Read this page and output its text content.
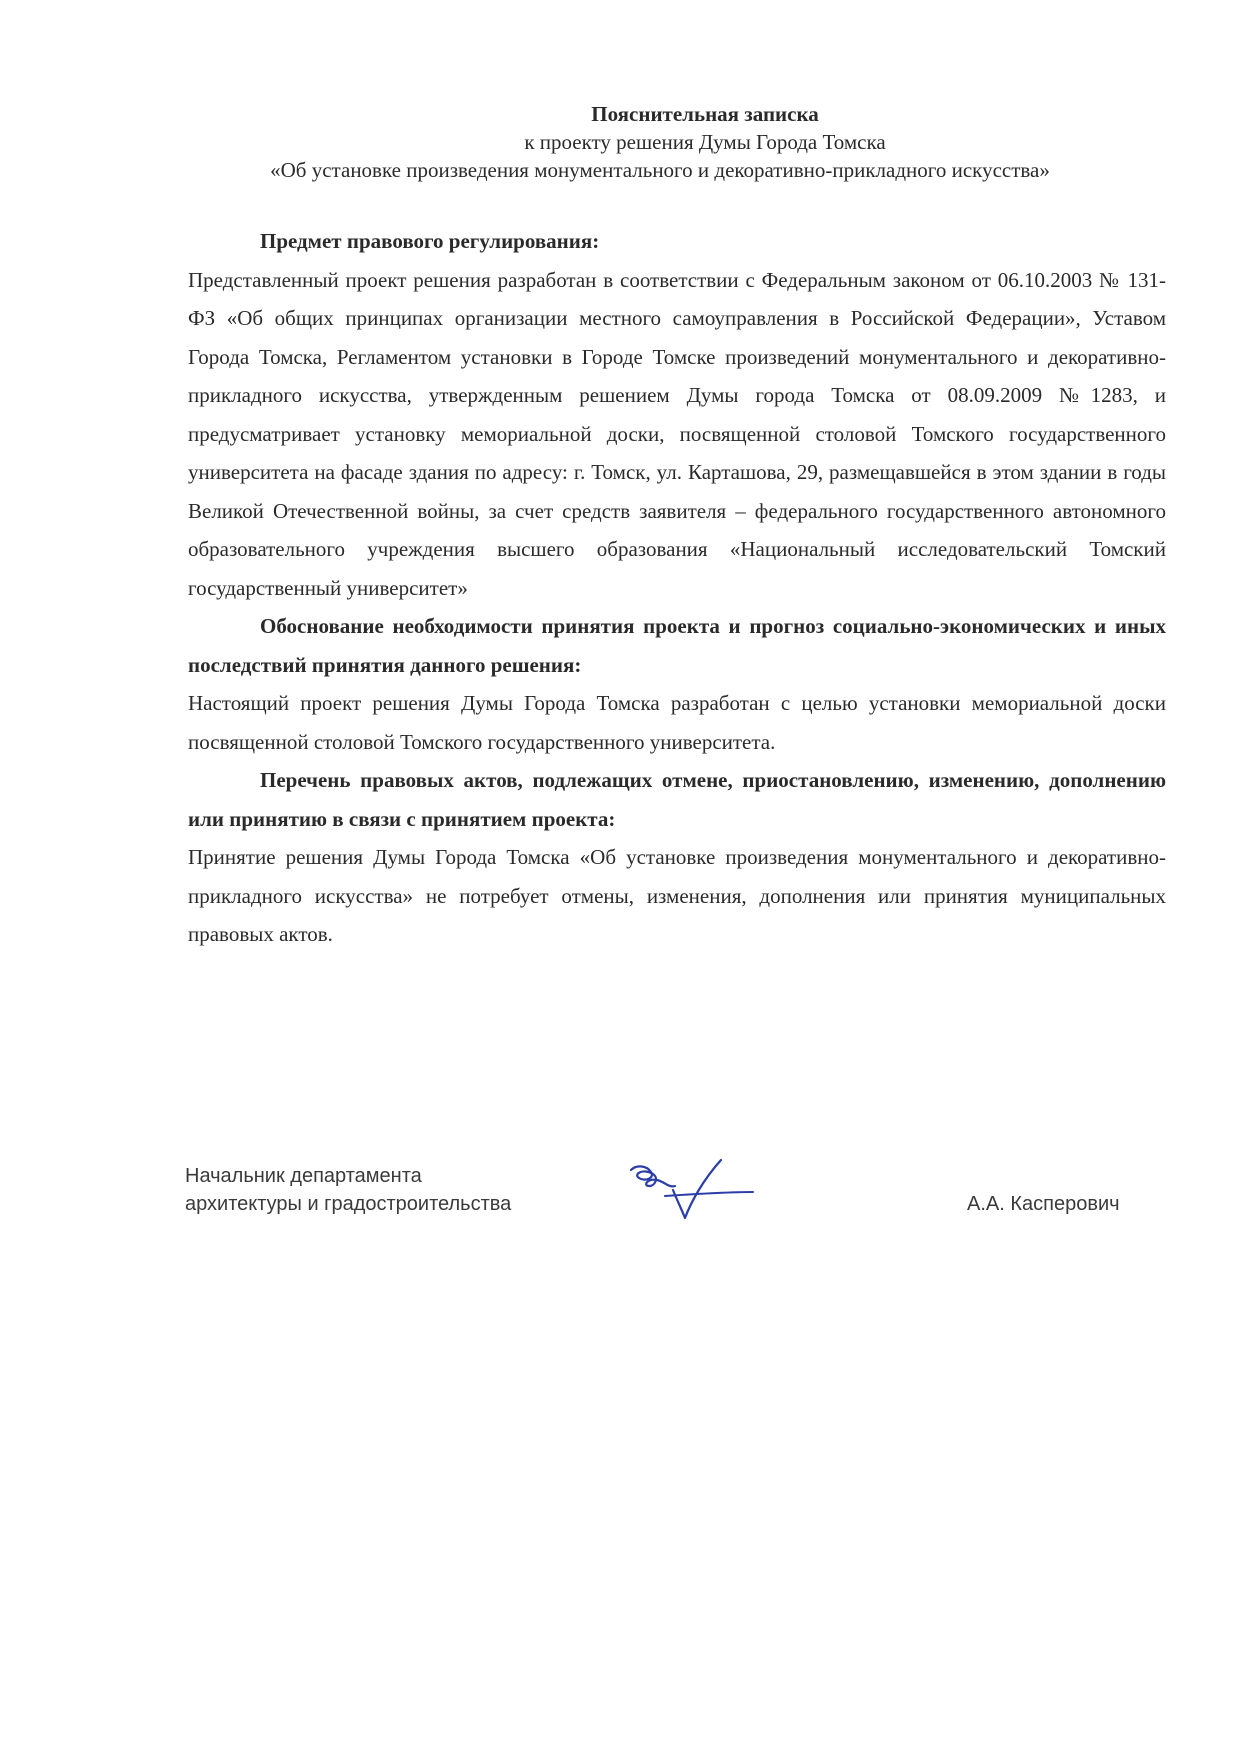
Пояснительная записка

к проекту решения Думы Города Томска

«Об установке произведения монументального и декоративно-прикладного искусства»

Предмет правового регулирования:

Представленный проект решения разработан в соответствии с Федеральным законом от 06.10.2003 № 131-ФЗ «Об общих принципах организации местного самоуправления в Российской Федерации», Уставом Города Томска, Регламентом установки в Городе Томске произведений монументального и декоративно-прикладного искусства, утвержденным решением Думы города Томска от 08.09.2009 №1283, и предусматривает установку мемориальной доски, посвященной столовой Томского государственного университета на фасаде здания по адресу: г. Томск, ул. Карташова, 29, размещавшейся в этом здании в годы Великой Отечественной войны, за счет средств заявителя – федерального государственного автономного образовательного учреждения высшего образования «Национальный исследовательский Томский государственный университет»

Обоснование необходимости принятия проекта и прогноз социально-экономических и иных последствий принятия данного решения:

Настоящий проект решения Думы Города Томска разработан с целью установки мемориальной доски посвященной столовой Томского государственного университета.

Перечень правовых актов, подлежащих отмене, приостановлению, изменению, дополнению или принятию в связи с принятием проекта:

Принятие решения Думы Города Томска «Об установке произведения монументального и декоративно-прикладного искусства» не потребует отмены, изменения, дополнения или принятия муниципальных правовых актов.

Начальник департамента
архитектуры и градостроительства	А.А. Касперович
